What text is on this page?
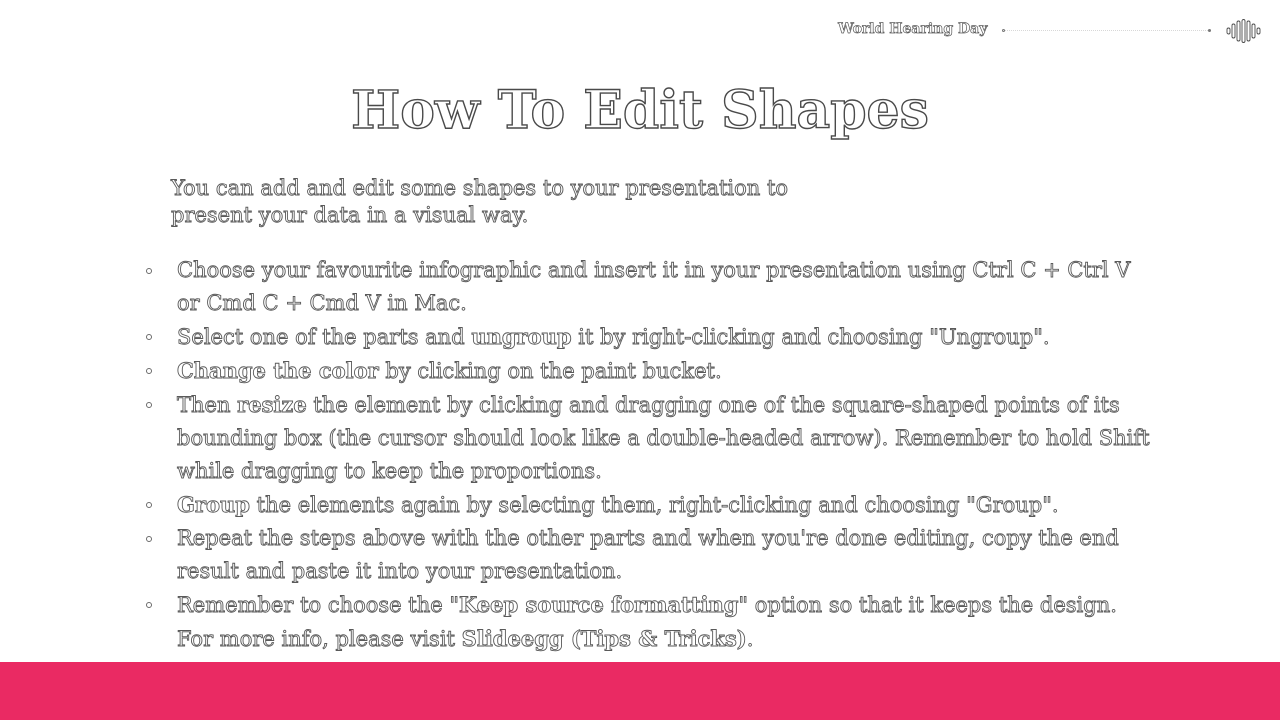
World Hearing Day
How To Edit Shapes

You can add and edit some shapes to your presentation to present your data in a visual way.

Choose your favourite infographic and insert it in your presentation using Ctrl C + Ctrl V or Cmd C + Cmd V in Mac.
Select one of the parts and ungroup it by right-clicking and choosing "Ungroup".
Change the color by clicking on the paint bucket.
Then resize the element by clicking and dragging one of the square-shaped points of its bounding box (the cursor should look like a double-headed arrow). Remember to hold Shift while dragging to keep the proportions.
Group the elements again by selecting them, right-clicking and choosing "Group".
Repeat the steps above with the other parts and when you're done editing, copy the end result and paste it into your presentation.
Remember to choose the "Keep source formatting" option so that it keeps the design. For more info, please visit Slideegg (Tips & Tricks).
